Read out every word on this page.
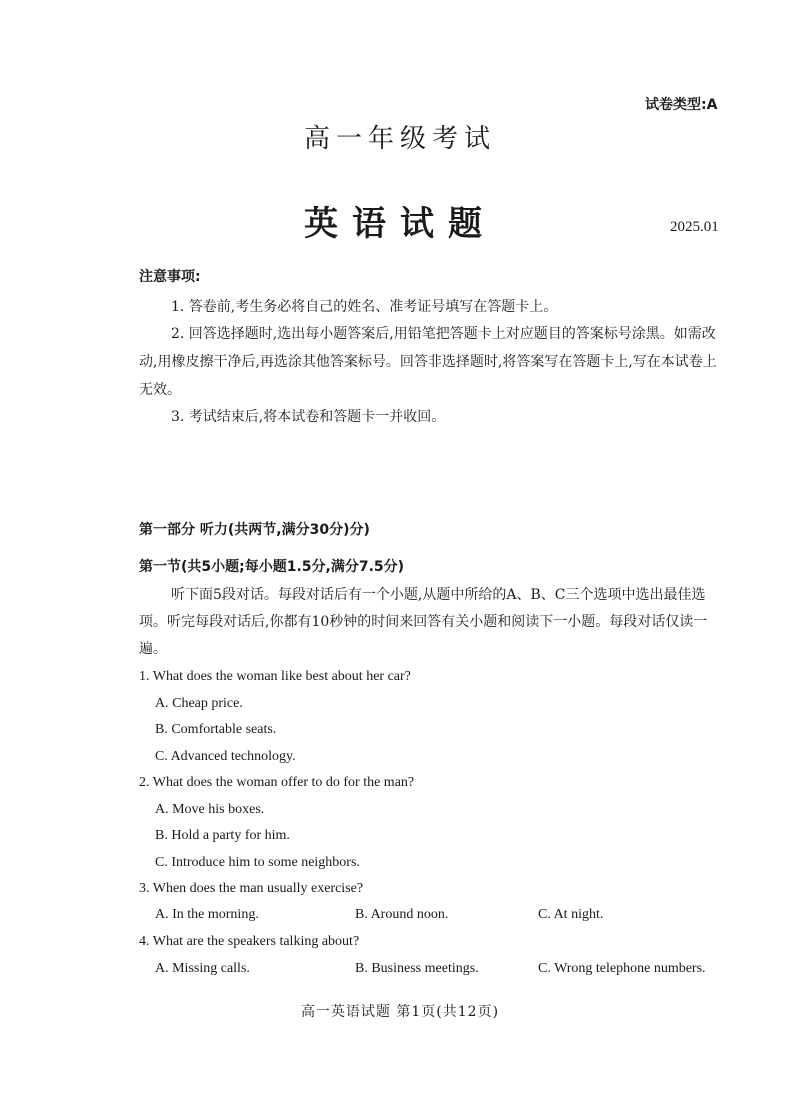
试卷类型:A
高一年级考试
英语试题	2025.01
注意事项:
1. 答卷前,考生务必将自己的姓名、准考证号填写在答题卡上。
2. 回答选择题时,选出每小题答案后,用铅笔把答题卡上对应题目的答案标号涂黑。如需改动,用橡皮擦干净后,再选涂其他答案标号。回答非选择题时,将答案写在答题卡上,写在本试卷上无效。
3. 考试结束后,将本试卷和答题卡一并收回。
第一部分 听力(共两节,满分30分)分)
第一节(共5小题;每小题1.5分,满分7.5分)
听下面5段对话。每段对话后有一个小题,从题中所给的A、B、C三个选项中选出最佳选项。听完每段对话后,你都有10秒钟的时间来回答有关小题和阅读下一小题。每段对话仅读一遍。
1. What does the woman like best about her car?
A. Cheap price.
B. Comfortable seats.
C. Advanced technology.
2. What does the woman offer to do for the man?
A. Move his boxes.
B. Hold a party for him.
C. Introduce him to some neighbors.
3. When does the man usually exercise?
A. In the morning.	B. Around noon.	C. At night.
4. What are the speakers talking about?
A. Missing calls.	B. Business meetings.	C. Wrong telephone numbers.
高一英语试题 第1页(共12页)
